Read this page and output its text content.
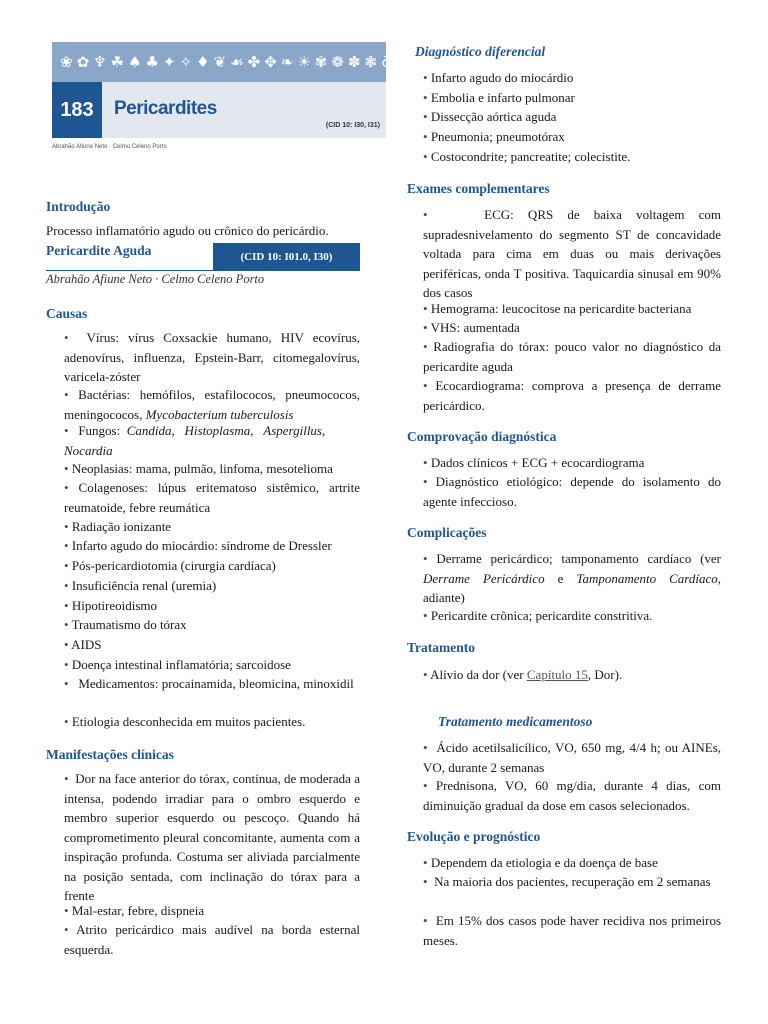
❀ ✿ ♆ ☘ ♠ ♣ ✦ ✧ ♦ ❦ ☙ ✤ ✥ ❧ ☀ ✾ ❁ ✽ ❃ ♁ ☤ ✣
183	Pericardites
(CID 10: I30, I31)
Abrahão Afiune Neto · Celmo Celeno Porto
Introdução
Processo inflamatório agudo ou crônico do pericárdio.
Pericardite Aguda	(CID 10: I01.0, I30)
Abrahão Afiune Neto · Celmo Celeno Porto
Causas
• Vírus: vírus Coxsackie humano, HIV ecovírus, adenovírus, influenza, Epstein-Barr, citomegalovírus, varicela-zóster
• Bactérias: hemófilos, estafilococos, pneumococos, meningococos, Mycobacterium tuberculosis
• Fungos: Candida,   Histoplasma,   Aspergillus,
Nocardia
• Neoplasias: mama, pulmão, linfoma, mesotelioma
• Colagenoses: lúpus eritematoso sistêmico, artrite reumatoide, febre reumática
• Radiação ionizante
• Infarto agudo do miocárdio: síndrome de Dressler
• Pós-pericardiotomia (cirurgia cardíaca)
• Insuficiência renal (uremia)
• Hipotireoidismo
• Traumatismo do tórax
• AIDS
• Doença intestinal inflamatória; sarcoidose
• Medicamentos: procainamida, bleomicina, minoxidil
• Etiologia desconhecida em muitos pacientes.
Manifestações clínicas
• Dor na face anterior do tórax, contínua, de moderada a intensa, podendo irradiar para o ombro esquerdo e membro superior esquerdo ou pescoço. Quando há comprometimento pleural concomitante, aumenta com a inspiração profunda. Costuma ser aliviada parcialmente na posição sentada, com inclinação do tórax para a frente
• Mal-estar, febre, dispneia
• Atrito pericárdico mais audível na borda esternal esquerda.
Diagnóstico diferencial
• Infarto agudo do miocárdio
• Embolia e infarto pulmonar
• Dissecção aórtica aguda
• Pneumonia; pneumotórax
• Costocondrite; pancreatite; colecistite.
Exames complementares
•	ECG: QRS de baixa voltagem com supradesnivelamento do segmento ST de concavidade voltada para cima em duas ou mais derivações periféricas, onda T positiva. Taquicardia sinusal em 90% dos casos
• Hemograma: leucocitose na pericardite bacteriana
• VHS: aumentada
• Radiografia do tórax: pouco valor no diagnóstico da pericardite aguda
• Ecocardiograma: comprova a presença de derrame pericárdico.
Comprovação diagnóstica
• Dados clínicos + ECG + ecocardiograma
• Diagnóstico etiológico: depende do isolamento do agente infeccioso.
Complicações
• Derrame pericárdico; tamponamento cardíaco (ver Derrame Pericárdico e Tamponamento Cardíaco, adiante)
• Pericardite crônica; pericardite constritiva.
Tratamento
• Alívio da dor (ver Capítulo 15, Dor).
Tratamento medicamentoso
• Ácido acetilsalicílico, VO, 650 mg, 4/4 h; ou AINEs, VO, durante 2 semanas
• Prednisona, VO, 60 mg/dia, durante 4 dias, com diminuição gradual da dose em casos selecionados.
Evolução e prognóstico
• Dependem da etiologia e da doença de base
• Na maioria dos pacientes, recuperação em 2 semanas
• Em 15% dos casos pode haver recidiva nos primeiros meses.
